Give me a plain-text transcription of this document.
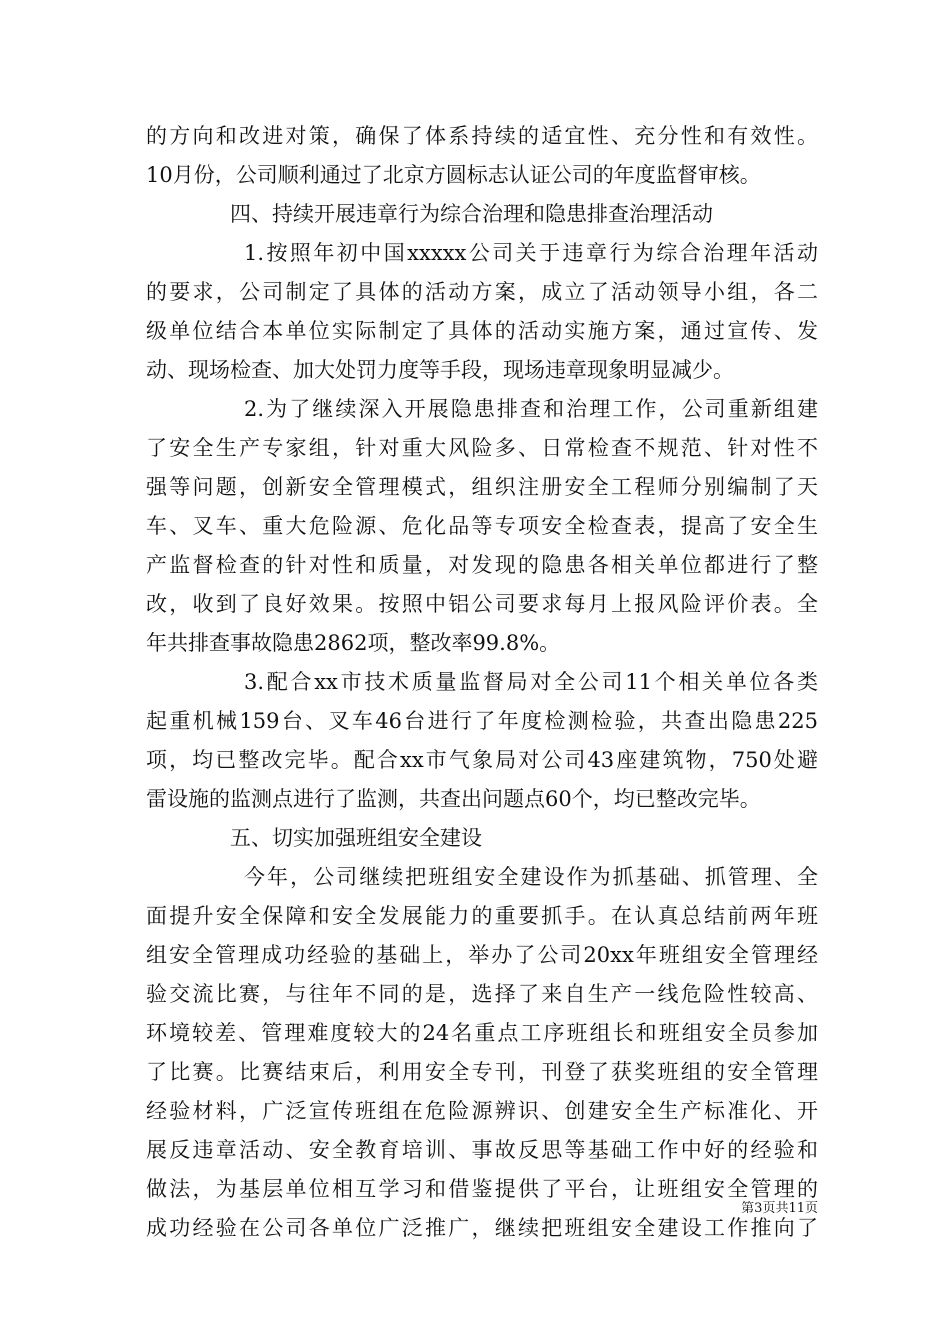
的方向和改进对策，确保了体系持续的适宜性、充分性和有效性。
10月份，公司顺利通过了北京方圆标志认证公司的年度监督审核。
四、持续开展违章行为综合治理和隐患排查治理活动
1.按照年初中国xxxxx公司关于违章行为综合治理年活动
的要求，公司制定了具体的活动方案，成立了活动领导小组，各二
级单位结合本单位实际制定了具体的活动实施方案，通过宣传、发
动、现场检查、加大处罚力度等手段，现场违章现象明显减少。
2.为了继续深入开展隐患排查和治理工作，公司重新组建
了安全生产专家组，针对重大风险多、日常检查不规范、针对性不
强等问题，创新安全管理模式，组织注册安全工程师分别编制了天
车、叉车、重大危险源、危化品等专项安全检查表，提高了安全生
产监督检查的针对性和质量，对发现的隐患各相关单位都进行了整
改，收到了良好效果。按照中铝公司要求每月上报风险评价表。全
年共排查事故隐患2862项，整改率99.8%。
3.配合xx市技术质量监督局对全公司11个相关单位各类
起重机械159台、叉车46台进行了年度检测检验，共查出隐患225
项，均已整改完毕。配合xx市气象局对公司43座建筑物，750处避
雷设施的监测点进行了监测，共查出问题点60个，均已整改完毕。
五、切实加强班组安全建设
今年，公司继续把班组安全建设作为抓基础、抓管理、全
面提升安全保障和安全发展能力的重要抓手。在认真总结前两年班
组安全管理成功经验的基础上，举办了公司20xx年班组安全管理经
验交流比赛，与往年不同的是，选择了来自生产一线危险性较高、
环境较差、管理难度较大的24名重点工序班组长和班组安全员参加
了比赛。比赛结束后，利用安全专刊，刊登了获奖班组的安全管理
经验材料，广泛宣传班组在危险源辨识、创建安全生产标准化、开
展反违章活动、安全教育培训、事故反思等基础工作中好的经验和
做法，为基层单位相互学习和借鉴提供了平台，让班组安全管理的
成功经验在公司各单位广泛推广，继续把班组安全建设工作推向了
第3页共11页
